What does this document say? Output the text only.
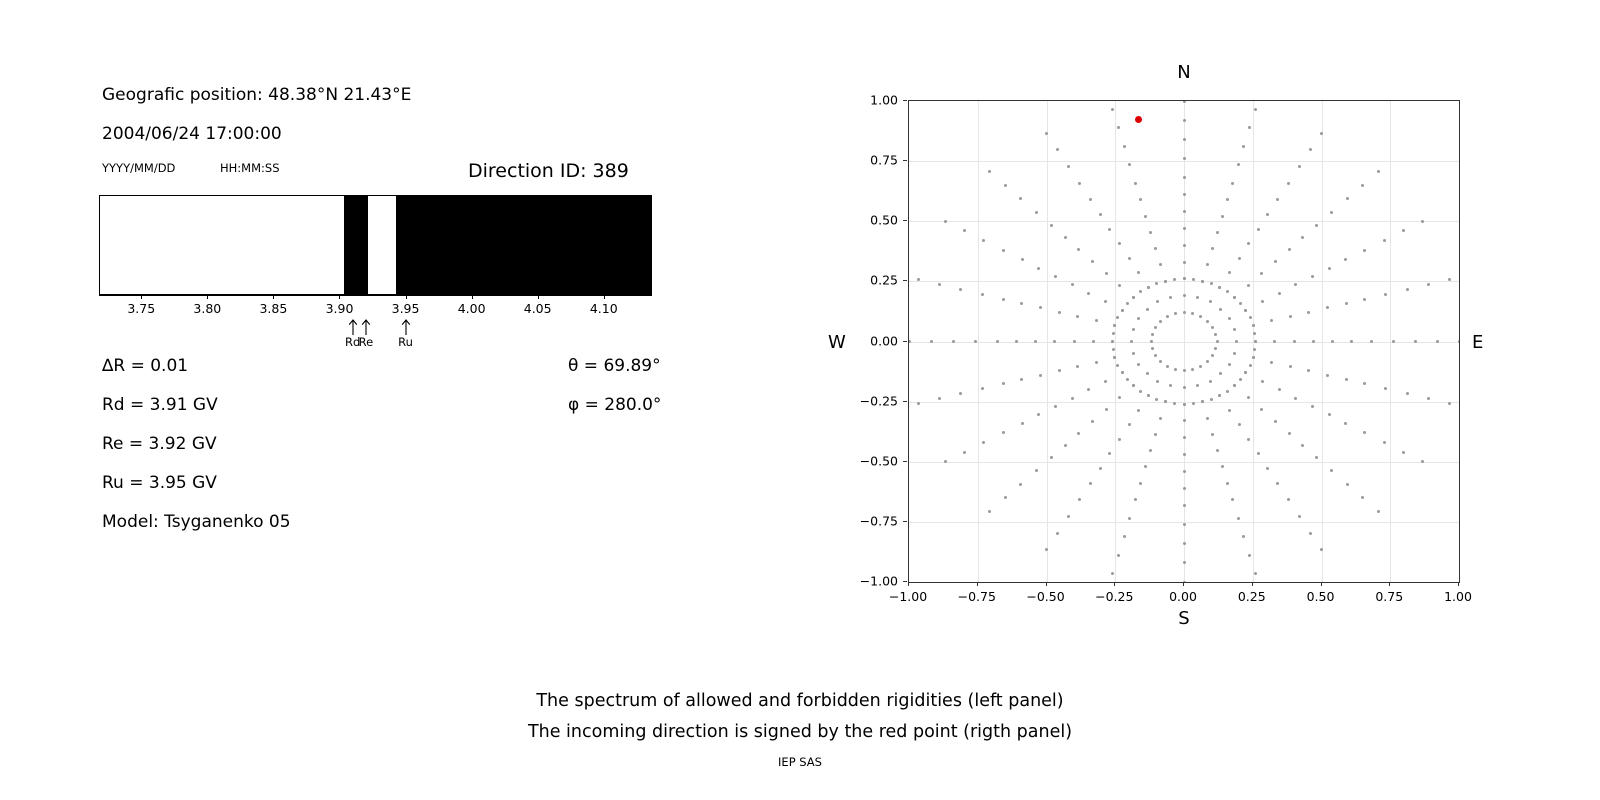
Geografic position: 48.38°N 21.43°E
2004/06/24 17:00:00
YYYY/MM/DD	HH:MM:SS	Direction ID: 389
3.75	3.80	3.85	3.90	3.95	4.00	4.05	4.10
∆R = 0.01
Rd = 3.91 GV
Re = 3.92 GV
Ru = 3.95 GV
Model: Tsyganenko 05
θ = 69.89°
φ = 280.0°
Rd
Re	Ru
N
S
W	E
−1.00 −0.75 −0.50 −0.25	0.00	0.25	0.50	0.75	1.00
−1.00
−0.75
−0.50
−0.25
0.00
0.25
0.50
0.75
1.00
The spectrum of allowed and forbidden rigidities (left panel)
The incoming direction is signed by the red point (rigth panel)
IEP SAS
